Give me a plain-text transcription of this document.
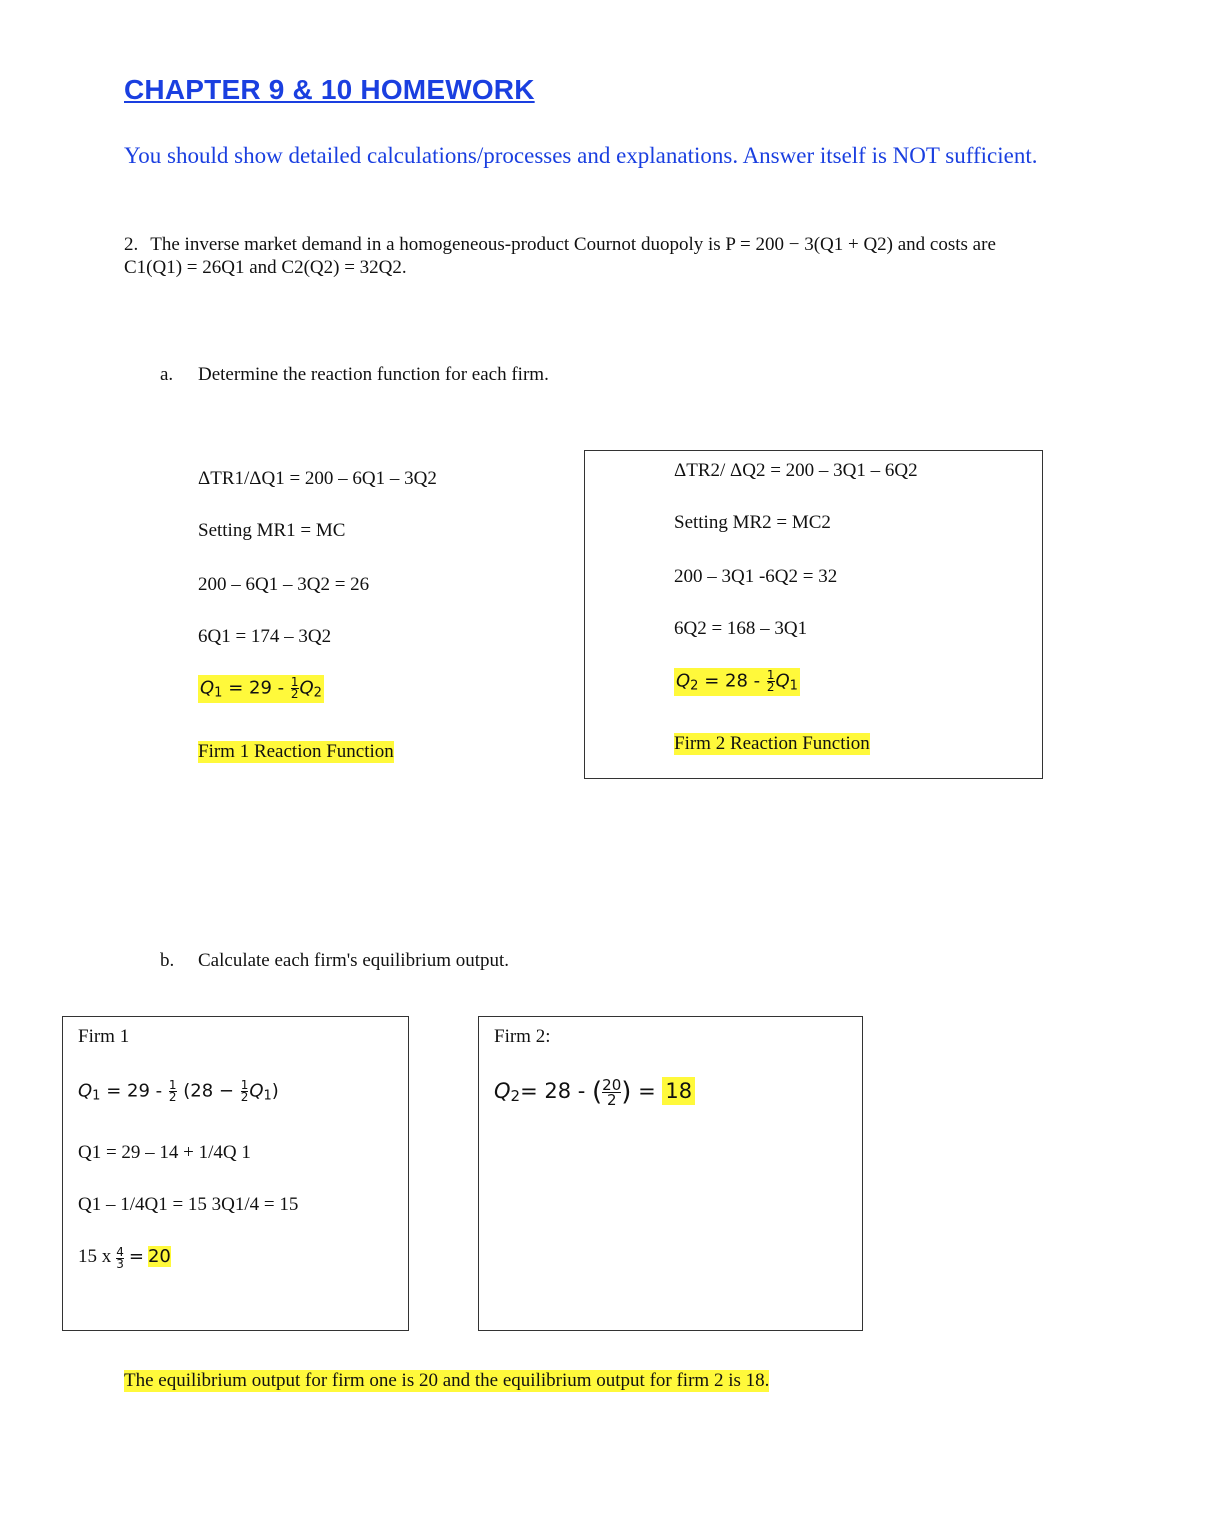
CHAPTER 9 & 10 HOMEWORK
You should show detailed calculations/processes and explanations. Answer itself is NOT sufficient.
2. The inverse market demand in a homogeneous-product Cournot duopoly is P = 200 − 3(Q1 + Q2) and costs are
C1(Q1) = 26Q1 and C2(Q2) = 32Q2.
a. Determine the reaction function for each firm.
ΔTR1/ΔQ1 = 200 – 6Q1 – 3Q2
Setting MR1 = MC
200 – 6Q1 – 3Q2 = 26
6Q1 = 174 – 3Q2
$Q_1 = 29 - \frac{1}{2} Q_2$
Firm 1 Reaction Function
ΔTR2/ ΔQ2 = 200 – 3Q1 – 6Q2
Setting MR2 = MC2
200 – 3Q1 -6Q2 = 32
6Q2 = 168 – 3Q1
$Q_2 = 28 - \frac{1}{2} Q_1$
Firm 2 Reaction Function
b. Calculate each firm's equilibrium output.
Firm 1
$Q_1 = 29 - \frac{1}{2} (28 - \frac{1}{2} Q_1)$
Q1 = 29 – 14 + 1/4Q 1
Q1 – 1/4Q1 = 15 3Q1/4 = 15
15 x $\frac{4}{3} = 20$
Firm 2:
$Q_2= 28$ - ( $\frac{20}{2}$ ) = 18
The equilibrium output for firm one is 20 and the equilibrium output for firm 2 is 18.
